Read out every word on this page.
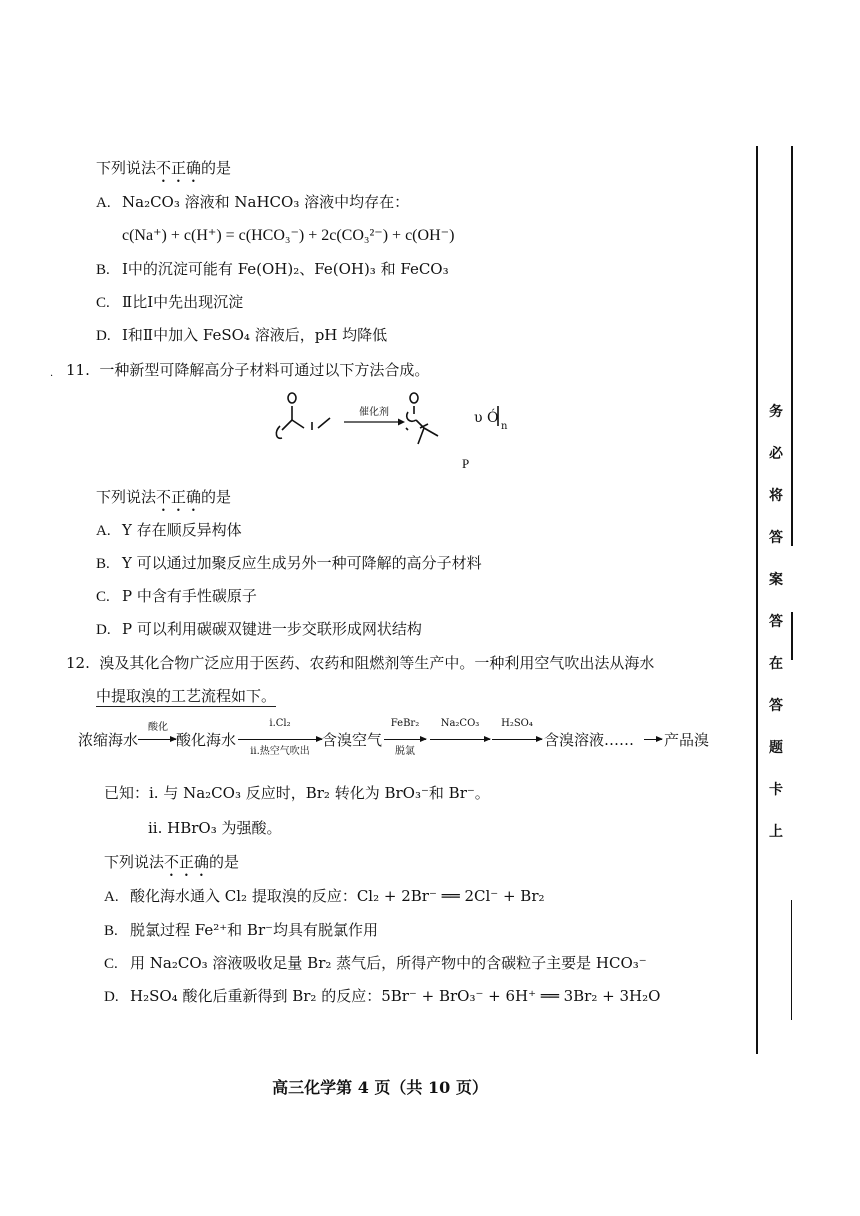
下列说法不正确的是
A. Na₂CO₃ 溶液和 NaHCO₃ 溶液中均存在：
c(Na⁺) + c(H⁺) = c(HCO₃⁻) + 2c(CO₃²⁻) + c(OH⁻)
B. Ⅰ中的沉淀可能有 Fe(OH)₂、Fe(OH)₃ 和 FeCO₃
C. Ⅱ比Ⅰ中先出现沉淀
D. Ⅰ和Ⅱ中加入 FeSO₄ 溶液后，pH 均降低
· 11. 一种新型可降解高分子材料可通过以下方法合成。
催化剂	υ Ó
n
P
下列说法不正确的是
A. Y 存在顺反异构体
B. Y 可以通过加聚反应生成另外一种可降解的高分子材料
C. P 中含有手性碳原子
D. P 可以利用碳碳双键进一步交联形成网状结构
12. 溴及其化合物广泛应用于医药、农药和阻燃剂等生产中。一种利用空气吹出法从海水
中提取溴的工艺流程如下。
浓缩海水
酸化
酸化海水
i.Cl₂
ii.热空气吹出
含溴空气
FeBr₂
脱氯
Na₂CO₃	H₂SO₄
含溴溶液…… 产品溴
已知：i. 与 Na₂CO₃ 反应时，Br₂ 转化为 BrO₃⁻和 Br⁻。
ii. HBrO₃ 为强酸。
下列说法不正确的是
A. 酸化海水通入 Cl₂ 提取溴的反应：Cl₂ + 2Br⁻ ══ 2Cl⁻ + Br₂
B. 脱氯过程 Fe²⁺和 Br⁻均具有脱氯作用
C. 用 Na₂CO₃ 溶液吸收足量 Br₂ 蒸气后，所得产物中的含碳粒子主要是 HCO₃⁻
D. H₂SO₄ 酸化后重新得到 Br₂ 的反应：5Br⁻ + BrO₃⁻ + 6H⁺ ══ 3Br₂ + 3H₂O
务
必
将
答
案
答
在
答
题
卡
上
高三化学第 4 页（共 10 页）
